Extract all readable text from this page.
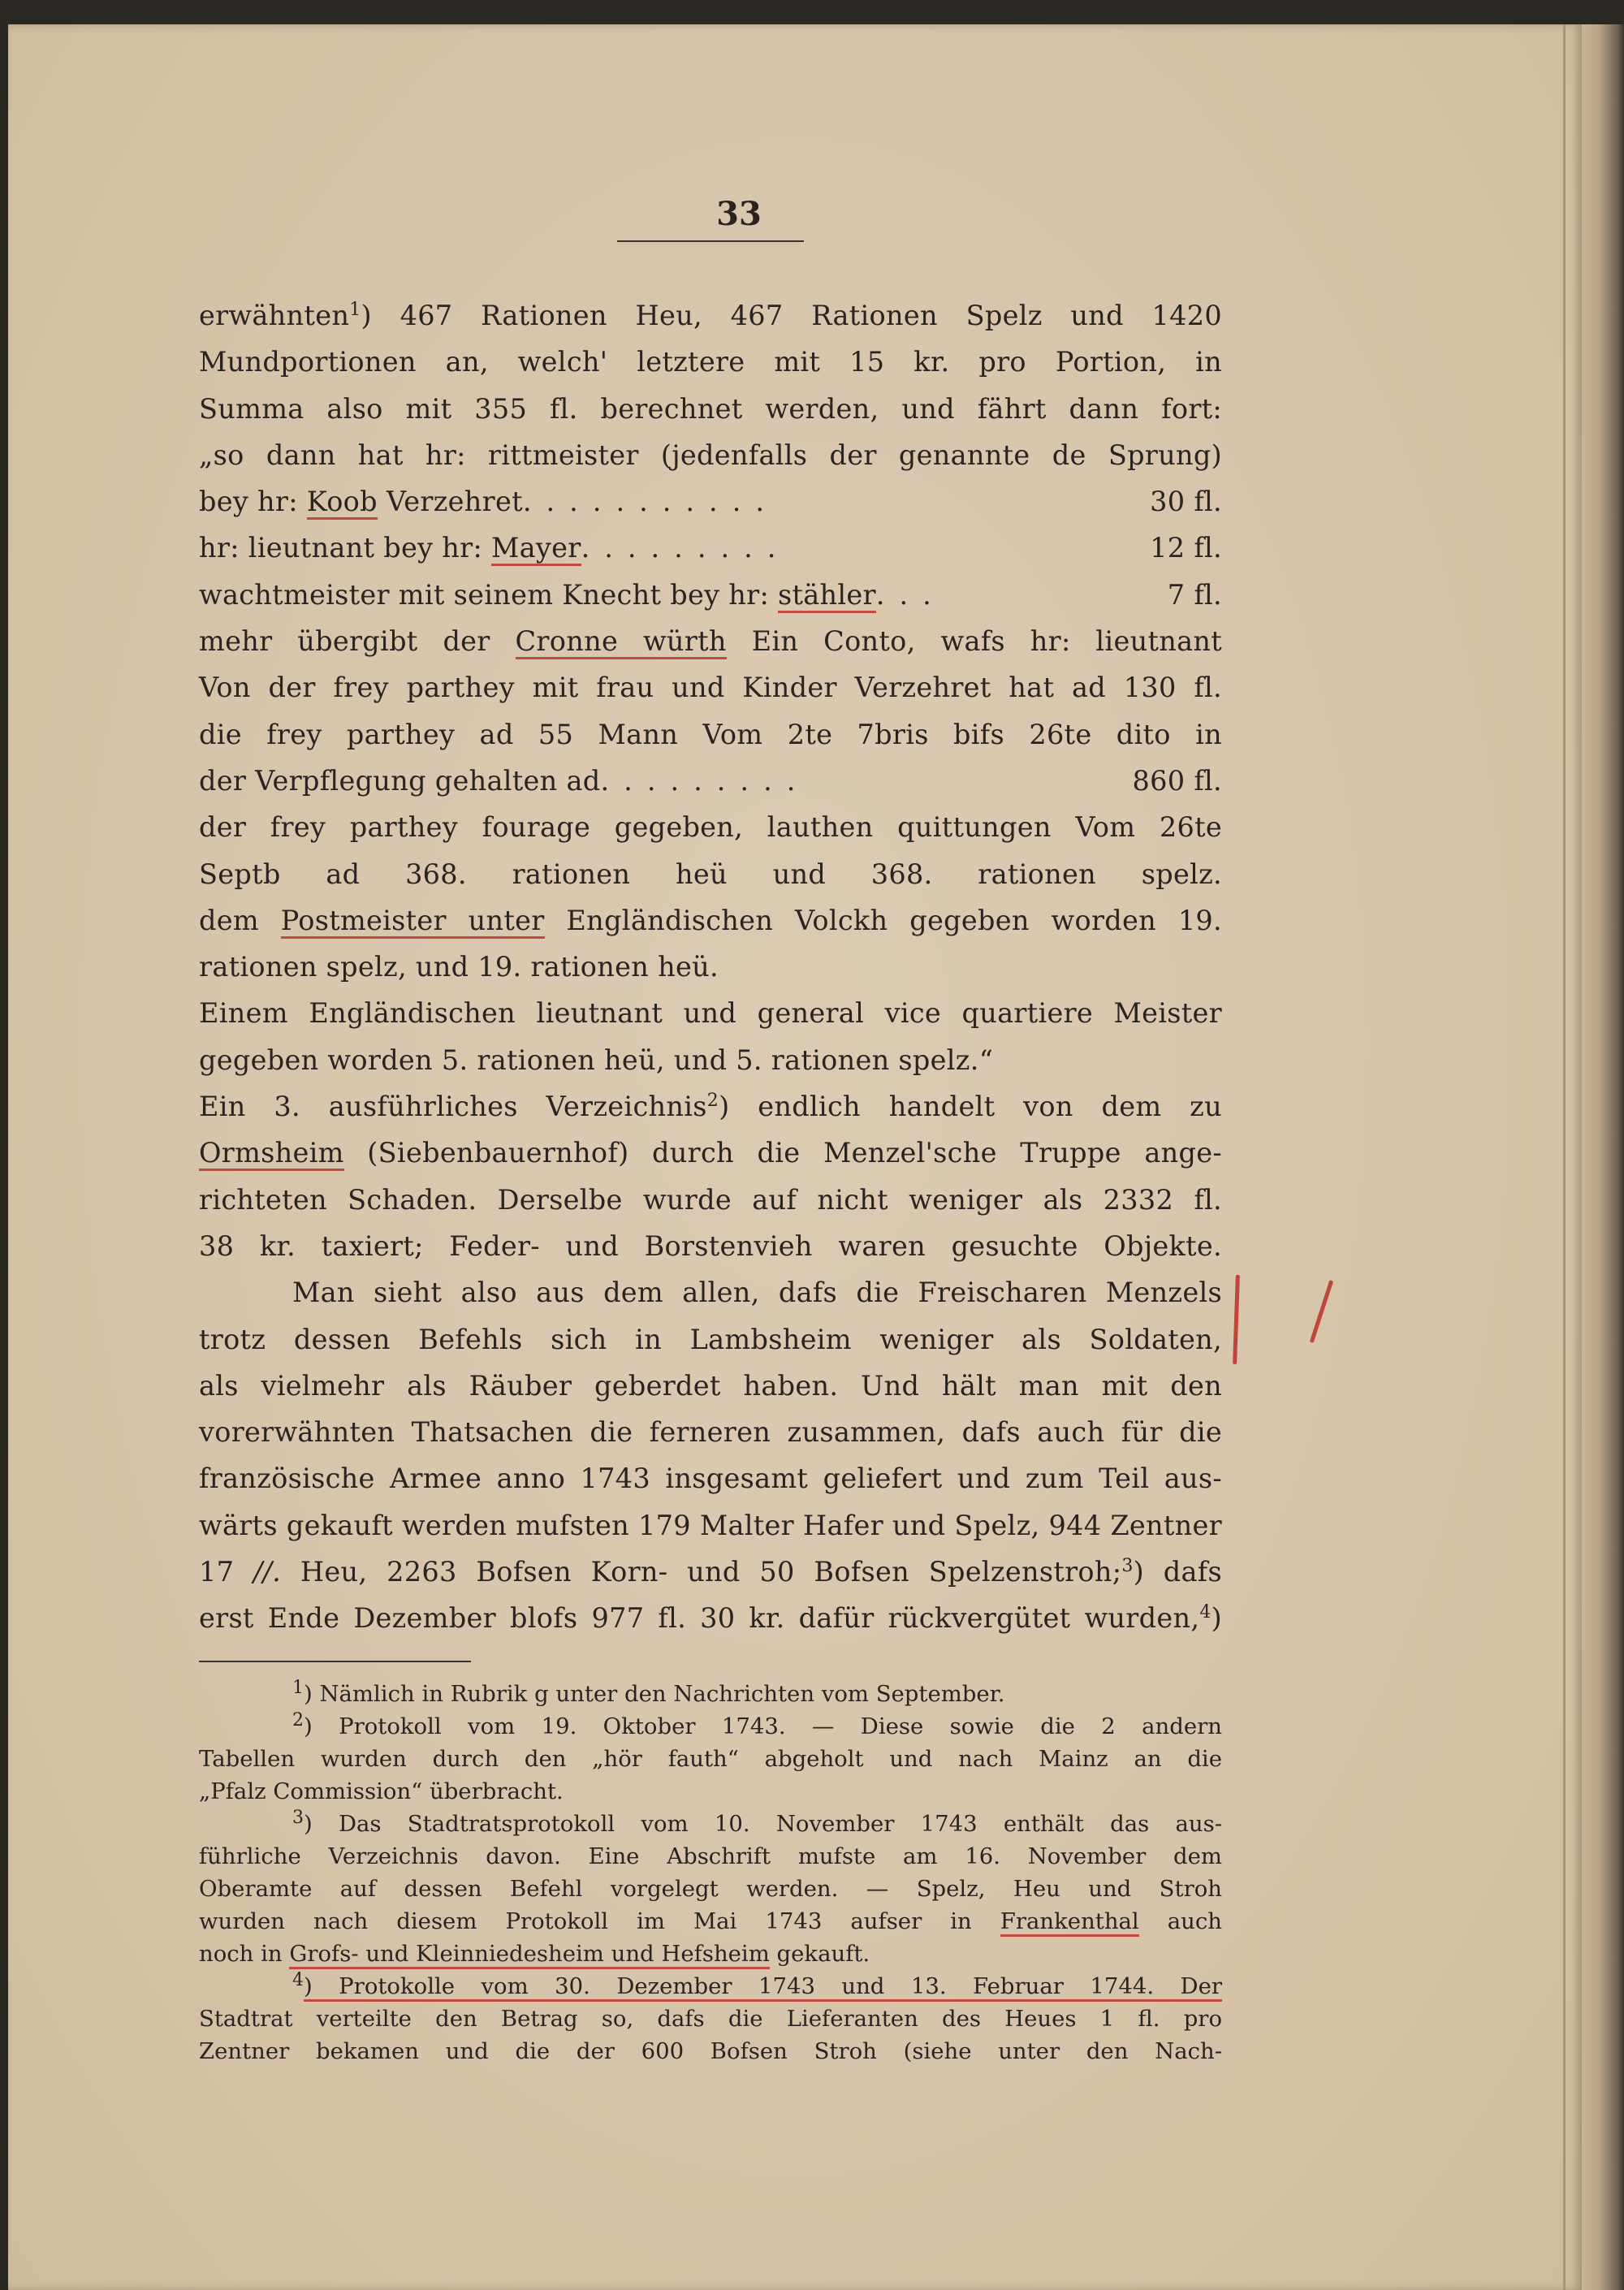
33
erwähnten$^1$) 467 Rationen Heu, 467 Rationen Spelz und 1420
Mundportionen an, welch' letztere mit 15 kr. pro Portion, in
Summa also mit 355 fl. berechnet werden, und fährt dann fort:
„so dann hat hr: rittmeister (jedenfalls der genannte de Sprung)
bey hr: Koob Verzehret ...........	30 fl.
hr: lieutnant bey hr: Mayer .........	12 fl.
wachtmeister mit seinem Knecht bey hr: stähler ...	7 fl.
mehr übergibt der Cronne würth Ein Conto, wafs hr: lieutnant
Von der frey parthey mit frau und Kinder Verzehret hat ad 130 fl.
die frey parthey ad 55 Mann Vom 2te 7bris bifs 26te dito in
der Verpflegung gehalten ad .........	860 fl.
der frey parthey fourage gegeben, lauthen quittungen Vom 26te
Septb ad 368. rationen heü und 368. rationen spelz.
dem Postmeister unter Engländischen Volckh gegeben worden 19.
rationen spelz, und 19. rationen heü.
Einem Engländischen lieutnant und general vice quartiere Meister
gegeben worden 5. rationen heü, und 5. rationen spelz.“
Ein 3. ausführliches Verzeichnis$^2$) endlich handelt von dem zu
Ormsheim (Siebenbauernhof) durch die Menzel'sche Truppe ange-
richteten Schaden. Derselbe wurde auf nicht weniger als 2332 fl.
38 kr. taxiert; Feder- und Borstenvieh waren gesuchte Objekte.
Man sieht also aus dem allen, dafs die Freischaren Menzels
trotz dessen Befehls sich in Lambsheim weniger als Soldaten,
als vielmehr als Räuber geberdet haben. Und hält man mit den
vorerwähnten Thatsachen die ferneren zusammen, dafs auch für die
französische Armee anno 1743 insgesamt geliefert und zum Teil aus-
wärts gekauft werden mufsten 179 Malter Hafer und Spelz, 944 Zentner
17 //. Heu, 2263 Bofsen Korn- und 50 Bofsen Spelzenstroh;$^3$) dafs
erst Ende Dezember blofs 977 fl. 30 kr. dafür rückvergütet wurden,$^4$)
$^1$) Nämlich in Rubrik g unter den Nachrichten vom September.
$^2$) Protokoll vom 19. Oktober 1743. — Diese sowie die 2 andern
Tabellen wurden durch den „hör fauth“ abgeholt und nach Mainz an die
„Pfalz Commission“ überbracht.
$^3$) Das Stadtratsprotokoll vom 10. November 1743 enthält das aus-
führliche Verzeichnis davon. Eine Abschrift mufste am 16. November dem
Oberamte auf dessen Befehl vorgelegt werden. — Spelz, Heu und Stroh
wurden nach diesem Protokoll im Mai 1743 aufser in Frankenthal auch
noch in Grofs- und Kleinniedesheim und Hefsheim gekauft.
$^4$) Protokolle vom 30. Dezember 1743 und 13. Februar 1744. Der
Stadtrat verteilte den Betrag so, dafs die Lieferanten des Heues 1 fl. pro
Zentner bekamen und die der 600 Bofsen Stroh (siehe unter den Nach-
